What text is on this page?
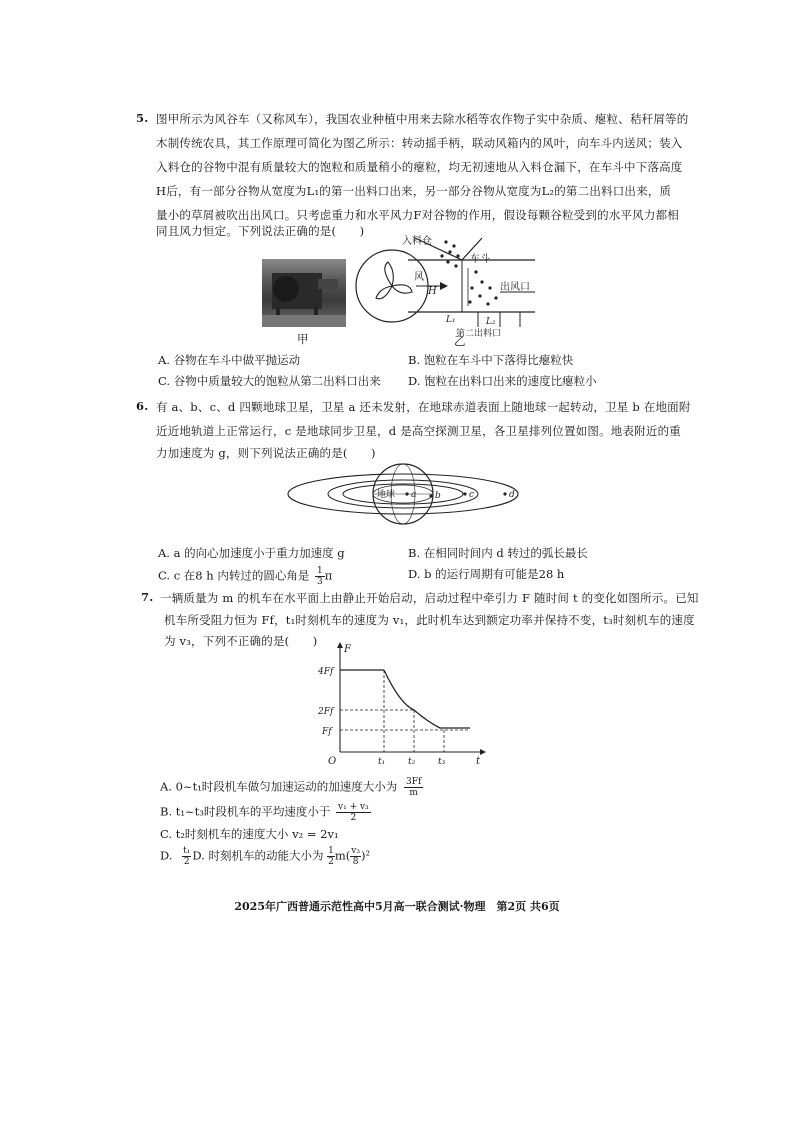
5. 图甲所示为风谷车（又称风车），我国农业种植中用来去除水稻等农作物子实中杂质、瘪粒、秸秆屑等的
木制传统农具，其工作原理可简化为图乙所示：转动摇手柄，联动风箱内的风叶，向车斗内送风；装入
入料仓的谷物中混有质量较大的饱粒和质量稍小的瘪粒，均无初速地从入料仓漏下，在车斗中下落高度
H后，有一部分谷物从宽度为L₁的第一出料口出来，另一部分谷物从宽度为L₂的第二出料口出来，质
量小的草屑被吹出出风口。只考虑重力和水平风力F对谷物的作用，假设每颗谷粒受到的水平风力都相
同且风力恒定。下列说法正确的是(　　)
甲
入料仓
风
H
车斗
出风口
L₁	L₂
第二出料口
乙
A. 谷物在车斗中做平抛运动	B. 饱粒在车斗中下落得比瘪粒快
C. 谷物中质量较大的饱粒从第二出料口出来 D. 饱粒在出料口出来的速度比瘪粒小
6. 有 a、b、c、d 四颗地球卫星，卫星 a 还未发射，在地球赤道表面上随地球一起转动，卫星 b 在地面附
近近地轨道上正常运行，c 是地球同步卫星，d 是高空探测卫星，各卫星排列位置如图。地表附近的重
力加速度为 g，则下列说法正确的是(　　)
地球 a b	c	d
A. a 的向心加速度小于重力加速度 g	B. 在相同时间内 d 转过的弧长最长
C. c 在8 h 内转过的圆心角是 $\frac{1}{3}$ π	D. b 的运行周期有可能是28 h
7. 一辆质量为 m 的机车在水平面上由静止开始启动，启动过程中牵引力 F 随时间 t 的变化如图所示。已知
机车所受阻力恒为 Ff，t₁时刻机车的速度为 v₁，此时机车达到额定功率并保持不变，t₃时刻机车的速度
为 v₃，下列不正确的是(　　)
F
t
O
4Ff
2Ff
Ff
t₁	t₂	t₃
A. 0~t₁时段机车做匀加速运动的加速度大小为 $\frac{3Ff}{m}$
B. t₁~t₃时段机车的平均速度小于 $\frac{\text{v₁ + v₃}}{2}$
C. t₂时刻机车的速度大小 v₂ = 2v₁
D. $\frac{\text{t₁}}{2} D$. 时刻机车的动能大小为 $\frac{1}{2} m( \frac{\text{v₃}}{8} )^2$
2025年广西普通示范性高中5月高一联合测试·物理　第2页 共6页
